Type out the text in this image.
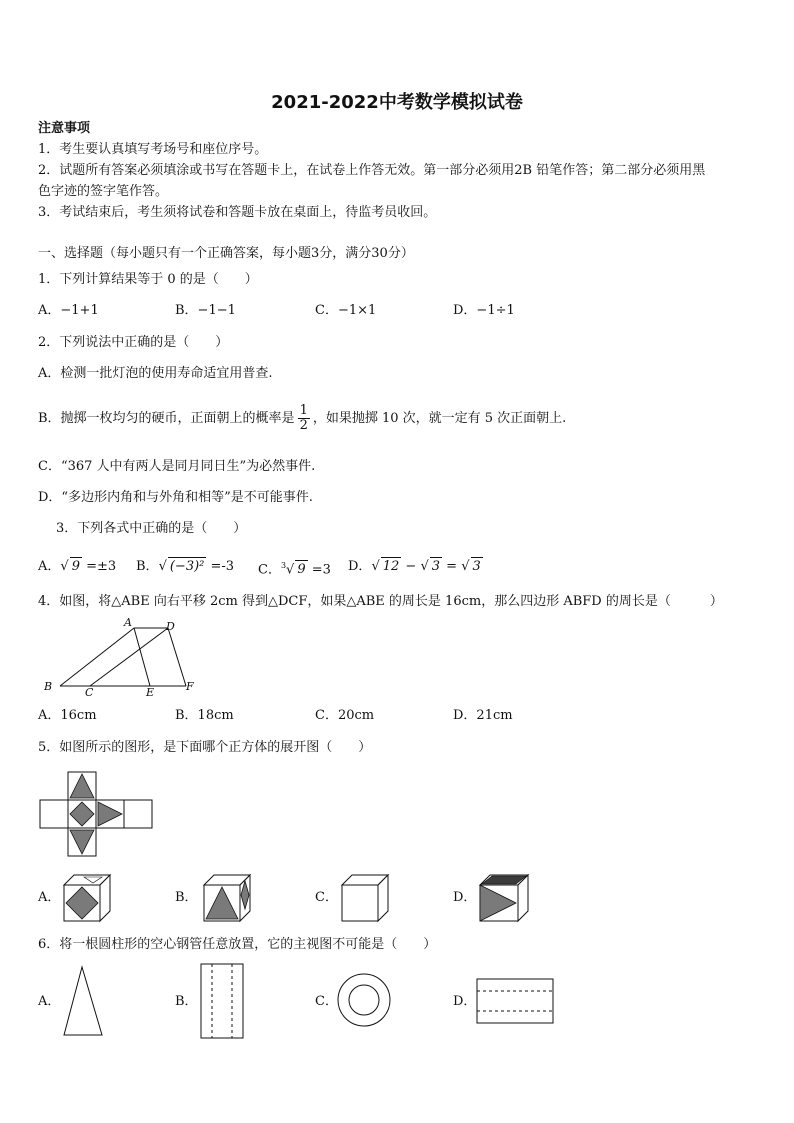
2021-2022中考数学模拟试卷
注意事项
1．考生要认真填写考场号和座位序号。
2．试题所有答案必须填涂或书写在答题卡上，在试卷上作答无效。第一部分必须用2B 铅笔作答；第二部分必须用黑
色字迹的签字笔作答。
3．考试结束后，考生须将试卷和答题卡放在桌面上，待监考员收回。
一、选择题（每小题只有一个正确答案，每小题3分，满分30分）
1．下列计算结果等于 0 的是（　　）
A．−1+1	B．−1−1	C．−1×1	D．−1÷1
2．下列说法中正确的是（　　）
A．检测一批灯泡的使用寿命适宜用普查.
B．抛掷一枚均匀的硬币，正面朝上的概率是 $\frac{1}{2}$ ，如果抛掷 10 次，就一定有 5 次正面朝上.
C．“367 人中有两人是同月同日生”为必然事件.
D．“多边形内角和与外角和相等”是不可能事件.
3．下列各式中正确的是（　　）
A．√ 9 =±3 B．√ (−3)² =-3 C．$^3$√ 9 =3 D．√ 12 − √ 3 = √ 3
4．如图，将△ABE 向右平移 2cm 得到△DCF，如果△ABE 的周长是 16cm，那么四边形 ABFD 的周长是（　　　）
A	D
B	C	E	F
A．16cm	B．18cm	C．20cm	D．21cm
5．如图所示的图形，是下面哪个正方体的展开图（　　）
A．	B．	C．	D．
6．将一根圆柱形的空心钢管任意放置，它的主视图不可能是（　　）
A．	B．	C．	D．
